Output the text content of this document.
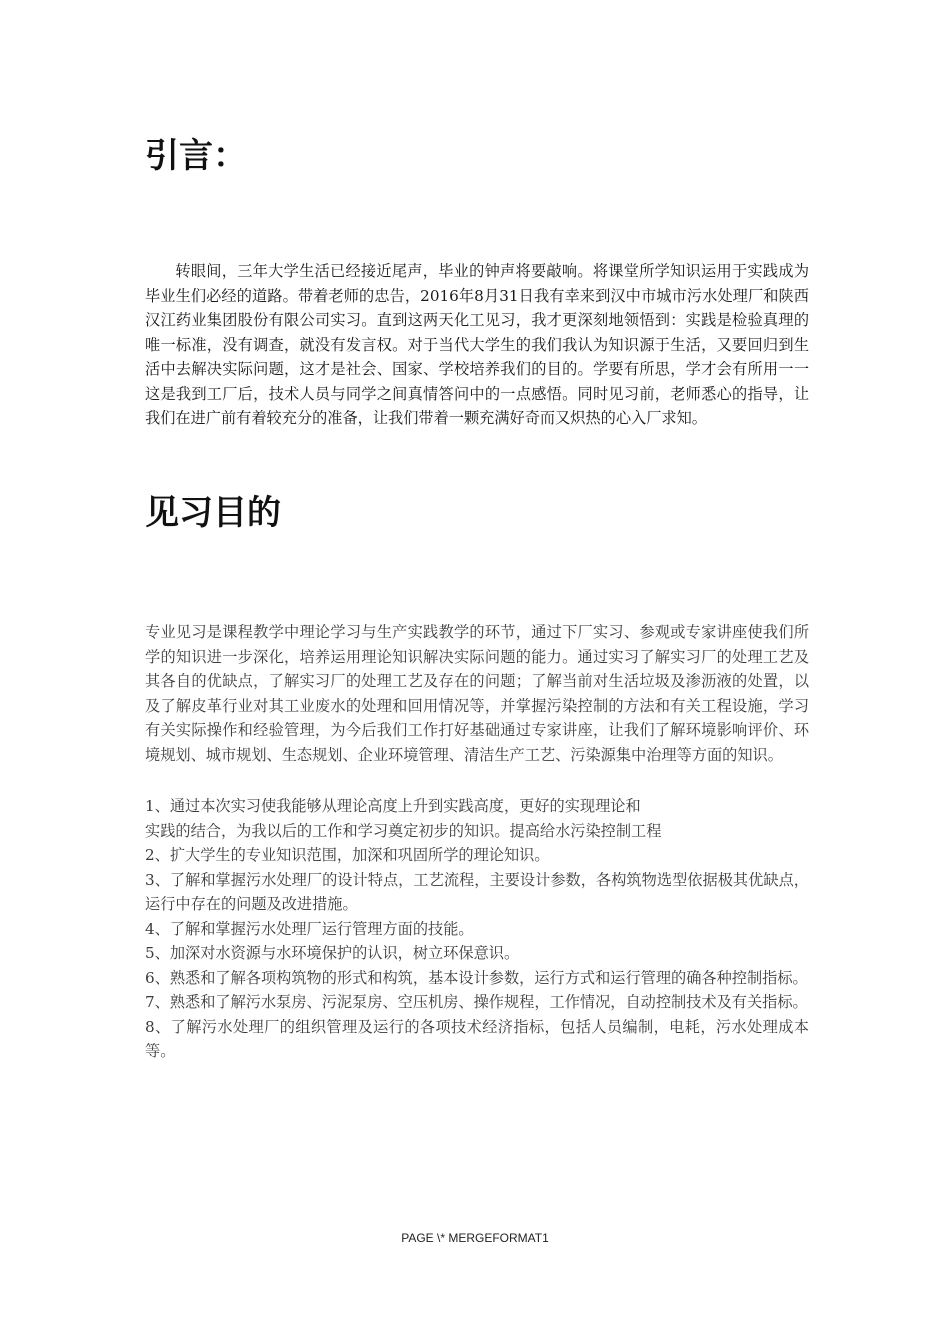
引言：

转眼间，三年大学生活已经接近尾声，毕业的钟声将要敲响。将课堂所学知识运用于实践成为毕业生们必经的道路。带着老师的忠告，2016年8月31日我有幸来到汉中市城市污水处理厂和陕西汉江药业集团股份有限公司实习。直到这两天化工见习，我才更深刻地领悟到：实践是检验真理的唯一标准，没有调查，就没有发言权。对于当代大学生的我们我认为知识源于生活，又要回归到生活中去解决实际问题，这才是社会、国家、学校培养我们的目的。学要有所思，学才会有所用一一这是我到工厂后，技术人员与同学之间真情答问中的一点感悟。同时见习前，老师悉心的指导，让我们在进广前有着较充分的准备，让我们带着一颗充满好奇而又炽热的心入厂求知。

见习目的

专业见习是课程教学中理论学习与生产实践教学的环节，通过下厂实习、参观或专家讲座使我们所学的知识进一步深化，培养运用理论知识解决实际问题的能力。通过实习了解实习厂的处理工艺及其各自的优缺点，了解实习厂的处理工艺及存在的问题；了解当前对生活垃圾及渗沥液的处置，以及了解皮革行业对其工业废水的处理和回用情况等，并掌握污染控制的方法和有关工程设施，学习有关实际操作和经验管理，为今后我们工作打好基础通过专家讲座，让我们了解环境影响评价、环境规划、城市规划、生态规划、企业环境管理、清洁生产工艺、污染源集中治理等方面的知识。

1、通过本次实习使我能够从理论高度上升到实践高度，更好的实现理论和

实践的结合，为我以后的工作和学习奠定初步的知识。提高给水污染控制工程

2、扩大学生的专业知识范围，加深和巩固所学的理论知识。

3、了解和掌握污水处理厂的设计特点，工艺流程，主要设计参数，各构筑物选型依据极其优缺点，运行中存在的问题及改进措施。

4、了解和掌握污水处理厂运行管理方面的技能。

5、加深对水资源与水环境保护的认识，树立环保意识。

6、熟悉和了解各项构筑物的形式和构筑，基本设计参数，运行方式和运行管理的确各种控制指标。

7、熟悉和了解污水泵房、污泥泵房、空压机房、操作规程，工作情况，自动控制技术及有关指标。

8、了解污水处理厂的组织管理及运行的各项技术经济指标，包括人员编制，电耗，污水处理成本等。

PAGE \* MERGEFORMAT1
